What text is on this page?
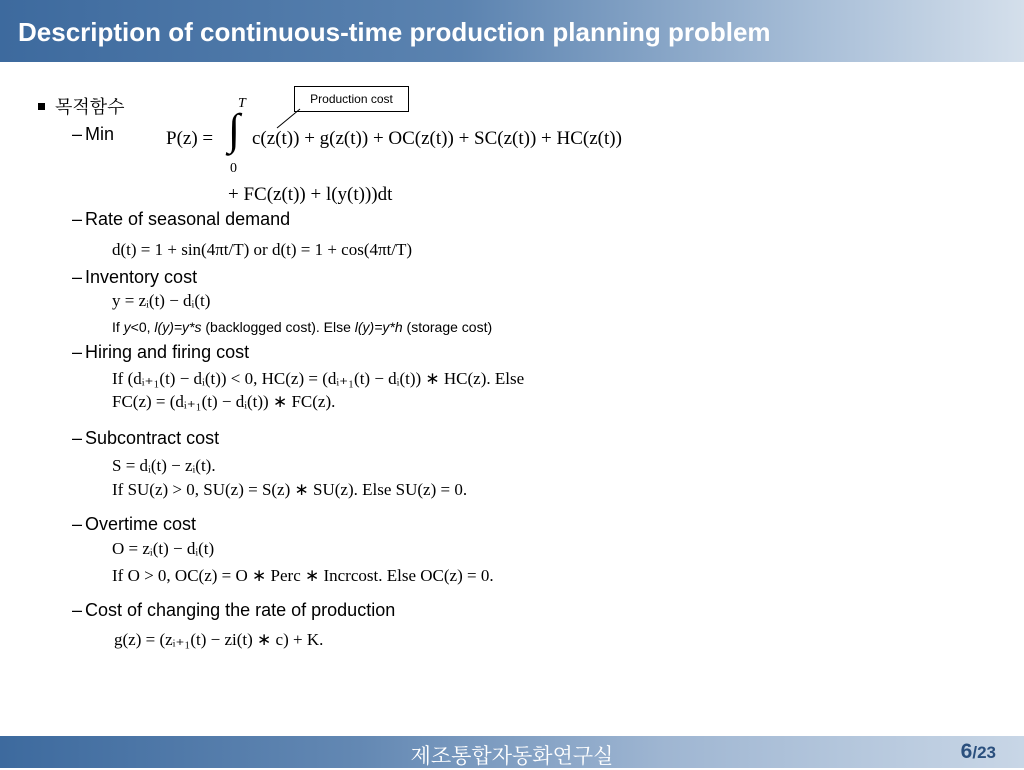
Description of continuous-time production planning problem
목적함수	Production cost
– Min	P(z) = ∫
T
0
c(z(t)) + g(z(t)) + OC(z(t)) + SC(z(t)) + HC(z(t))
+ FC(z(t)) + l(y(t)))dt
– Rate of seasonal demand
d(t) = 1 + sin(4πt/T) or d(t) = 1 + cos(4πt/T)
– Inventory cost
y = zᵢ(t) − dᵢ(t)
If y<0, l(y)=y*s (backlogged cost). Else l(y)=y*h (storage cost)
– Hiring and firing cost
If (dᵢ₊₁(t) − dᵢ(t)) < 0, HC(z) = (dᵢ₊₁(t) − dᵢ(t)) ∗ HC(z). Else
FC(z) = (dᵢ₊₁(t) − dᵢ(t)) ∗ FC(z).
– Subcontract cost
S = dᵢ(t) − zᵢ(t).
If SU(z) > 0, SU(z) = S(z) ∗ SU(z). Else SU(z) = 0.
– Overtime cost
O = zᵢ(t) − dᵢ(t)
If O > 0, OC(z) = O ∗ Perc ∗ Incrcost. Else OC(z) = 0.
– Cost of changing the rate of production
g(z) = (zᵢ₊₁(t) − zi(t) ∗ c) + K.
제조통합자동화연구실	6/23
